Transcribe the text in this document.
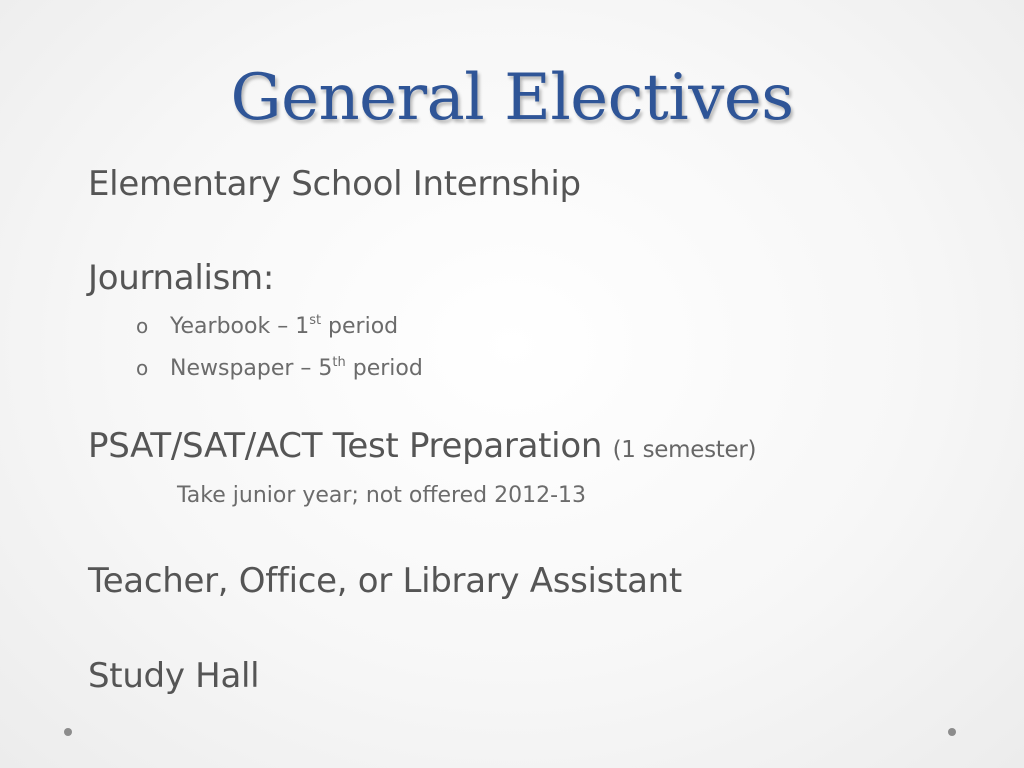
General Electives
Elementary School Internship
Journalism:
o Yearbook – 1st period
o Newspaper – 5th period
PSAT/SAT/ACT Test Preparation (1 semester)
Take junior year; not offered 2012-13
Teacher, Office, or Library Assistant
Study Hall
